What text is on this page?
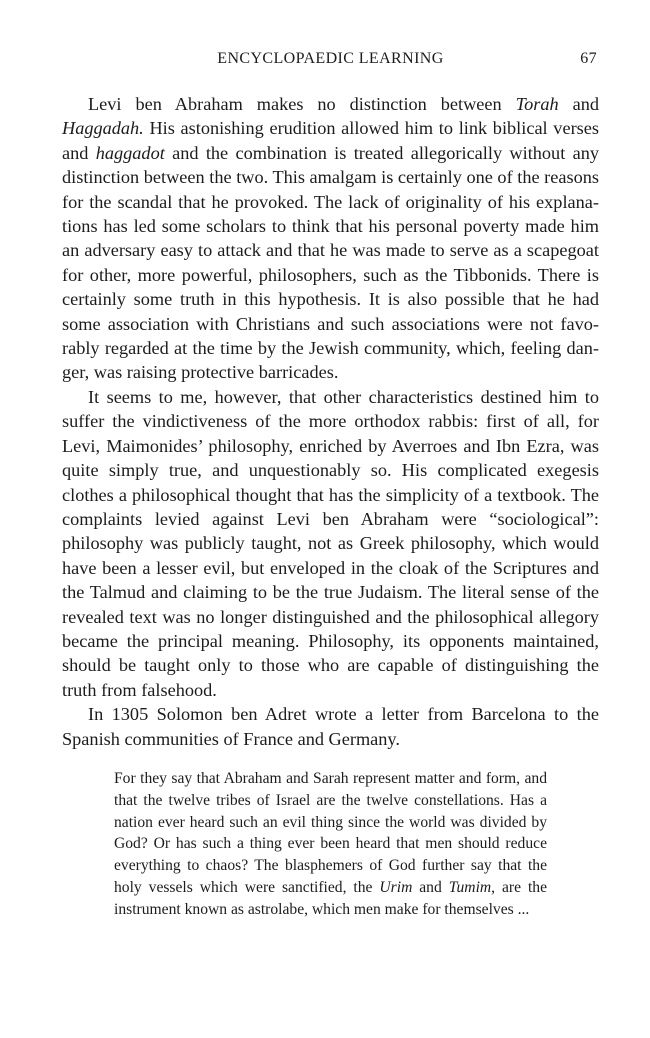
ENCYCLOPAEDIC LEARNING	67

Levi ben Abraham makes no distinction between Torah and Haggadah. His astonishing erudition allowed him to link biblical verses and haggadot and the combination is treated allegorically without any distinction between the two. This amalgam is certainly one of the reasons for the scandal that he provoked. The lack of originality of his explanations has led some scholars to think that his personal poverty made him an adversary easy to attack and that he was made to serve as a scapegoat for other, more powerful, philosophers, such as the Tibbonids. There is certainly some truth in this hypothesis. It is also possible that he had some association with Christians and such associations were not favorably regarded at the time by the Jewish community, which, feeling danger, was raising protective barricades.

It seems to me, however, that other characteristics destined him to suffer the vindictiveness of the more orthodox rabbis: first of all, for Levi, Maimonides’ philosophy, enriched by Averroes and Ibn Ezra, was quite simply true, and unquestionably so. His complicated exegesis clothes a philosophical thought that has the simplicity of a textbook. The complaints levied against Levi ben Abraham were “sociological”: philosophy was publicly taught, not as Greek philosophy, which would have been a lesser evil, but enveloped in the cloak of the Scriptures and the Talmud and claiming to be the true Judaism. The literal sense of the revealed text was no longer distinguished and the philosophical allegory became the principal meaning. Philosophy, its opponents maintained, should be taught only to those who are capable of distinguishing the truth from falsehood.

In 1305 Solomon ben Adret wrote a letter from Barcelona to the Spanish communities of France and Germany.

For they say that Abraham and Sarah represent matter and form, and that the twelve tribes of Israel are the twelve constellations. Has a nation ever heard such an evil thing since the world was divided by God? Or has such a thing ever been heard that men should reduce everything to chaos? The blasphemers of God further say that the holy vessels which were sanctified, the Urim and Tumim, are the instrument known as astrolabe, which men make for themselves ...
